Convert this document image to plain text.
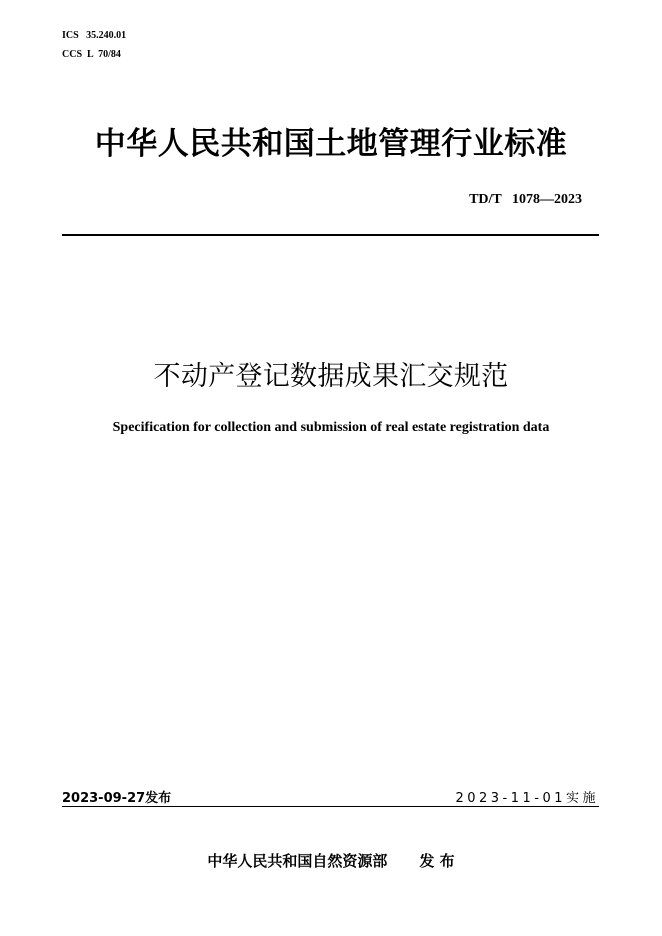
ICS   35.240.01
CCS  L  70/84
中华人民共和国土地管理行业标准
TD/T   1078—2023
不动产登记数据成果汇交规范
Specification for collection and submission of real estate registration data
2023-09-27发布	2023-11-01实施
中华人民共和国自然资源部 发 布
